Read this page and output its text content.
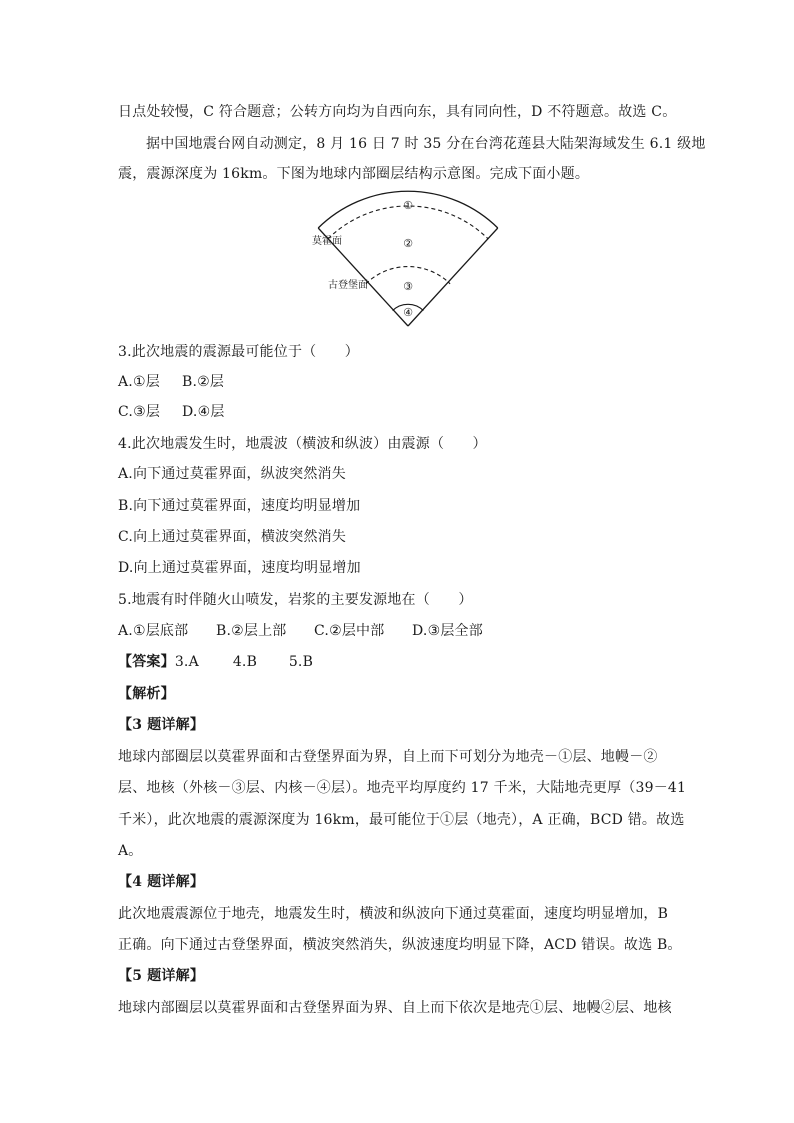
日点处较慢，C 符合题意；公转方向均为自西向东，具有同向性，D 不符题意。故选 C。
据中国地震台网自动测定，8 月 16 日 7 时 35 分在台湾花莲县大陆架海域发生 6.1 级地
震，震源深度为 16km。下图为地球内部圈层结构示意图。完成下面小题。
①
②
③
④
莫霍面
古登堡面
3.此次地震的震源最可能位于（　　）
A.①层 B.②层
C.③层 D.④层
4.此次地震发生时，地震波（横波和纵波）由震源（　　）
A.向下通过莫霍界面，纵波突然消失
B.向下通过莫霍界面，速度均明显增加
C.向上通过莫霍界面，横波突然消失
D.向上通过莫霍界面，速度均明显增加
5.地震有时伴随火山喷发，岩浆的主要发源地在（　　）
A.①层底部 B.②层上部 C.②层中部 D.③层全部
【答案】3.A 4.B 5.B
【解析】
【3 题详解】
地球内部圈层以莫霍界面和古登堡界面为界，自上而下可划分为地壳－①层、地幔－②
层、地核（外核－③层、内核－④层）。地壳平均厚度约 17 千米，大陆地壳更厚（39－41
千米），此次地震的震源深度为 16km，最可能位于①层（地壳），A 正确，BCD 错。故选
A。
【4 题详解】
此次地震震源位于地壳，地震发生时，横波和纵波向下通过莫霍面，速度均明显增加，B
正确。向下通过古登堡界面，横波突然消失，纵波速度均明显下降，ACD 错误。故选 B。
【5 题详解】
地球内部圈层以莫霍界面和古登堡界面为界、自上而下依次是地壳①层、地幔②层、地核
